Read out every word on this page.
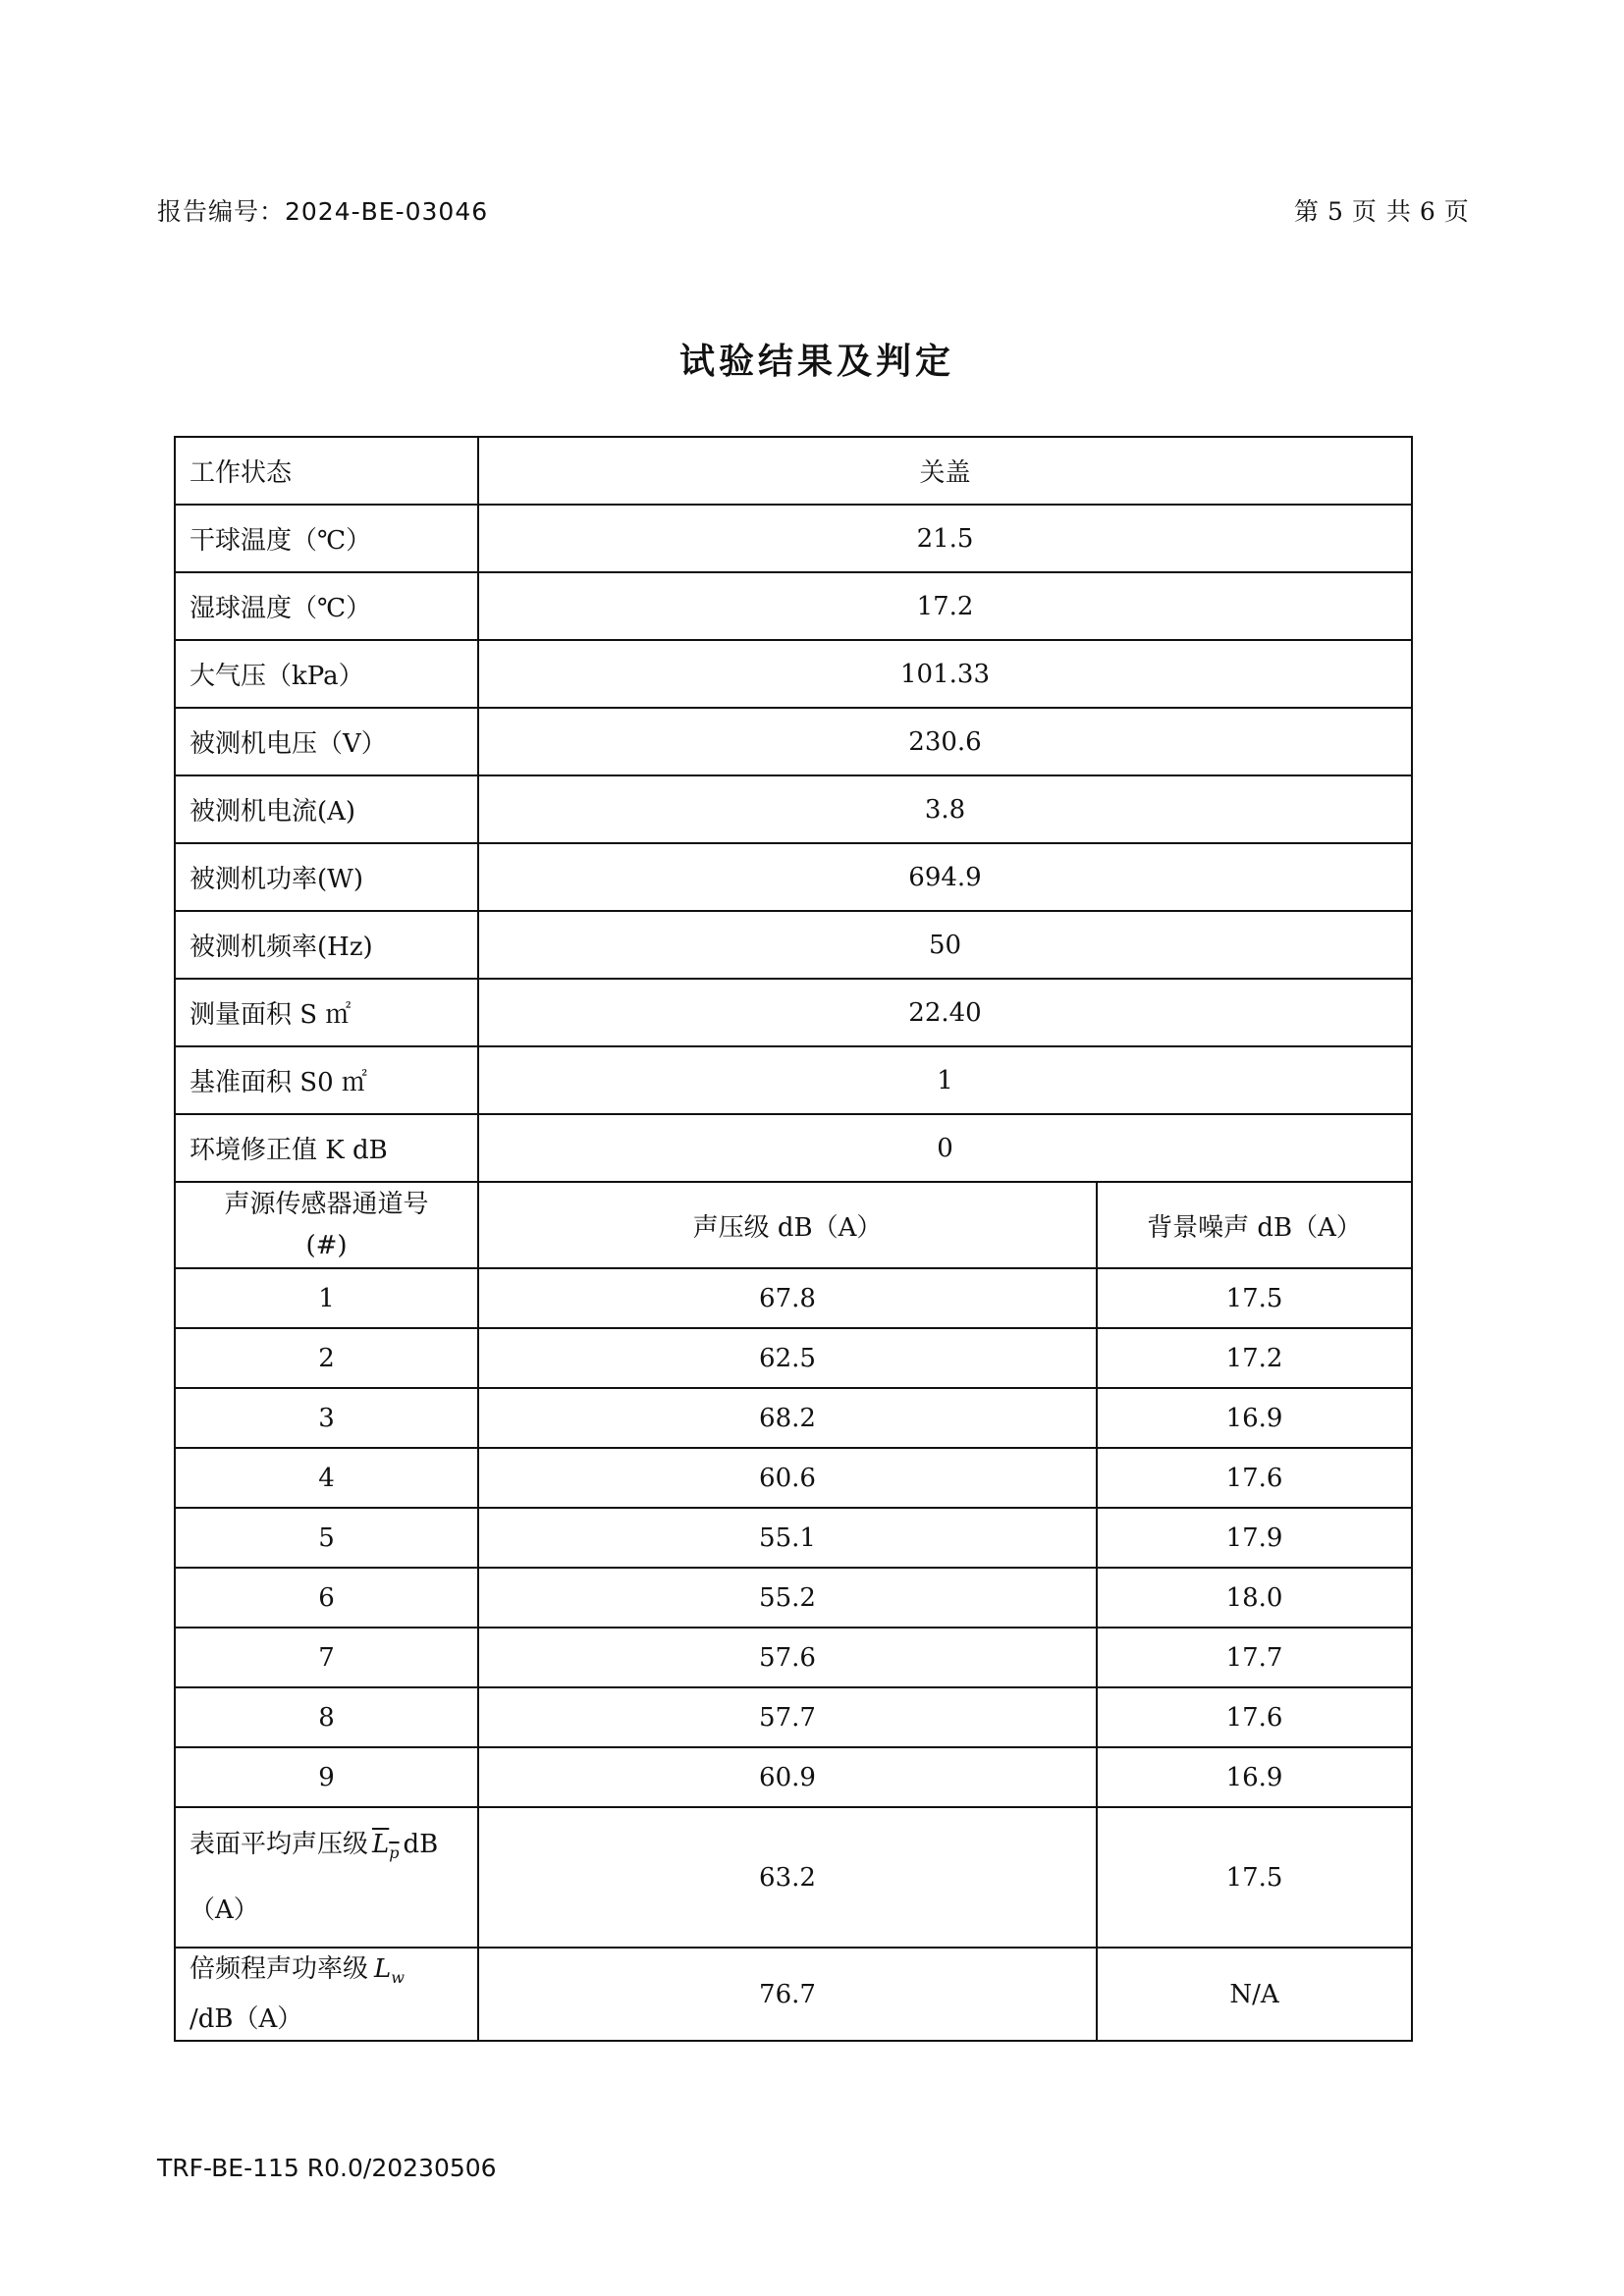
报告编号：2024-BE-03046	第 5 页 共 6 页
试验结果及判定
工作状态	关盖	
干球温度（℃）	21.5	
湿球温度（℃）	17.2	
大气压（kPa）	101.33	
被测机电压（V）	230.6	
被测机电流(A)	3.8	
被测机功率(W)	694.9	
被测机频率(Hz)	50	
测量面积 S ㎡	22.40	
基准面积 S0 ㎡	1	
环境修正值 K dB	0	

声源传感器通道号
(#)	声压级 dB（A）	背景噪声 dB（A）
1	67.8	17.5
2	62.5	17.2
3	68.2	16.9
4	60.6	17.6
5	55.1	17.9
6	55.2	18.0
7	57.6	17.7
8	57.7	17.6
9	60.9	16.9

表面平均声压级 $L_p$ dB
（A）	63.2	17.5

倍频程声功率级 $L_w$
/dB（A）	76.7	N/A
TRF-BE-115 R0.0/20230506
